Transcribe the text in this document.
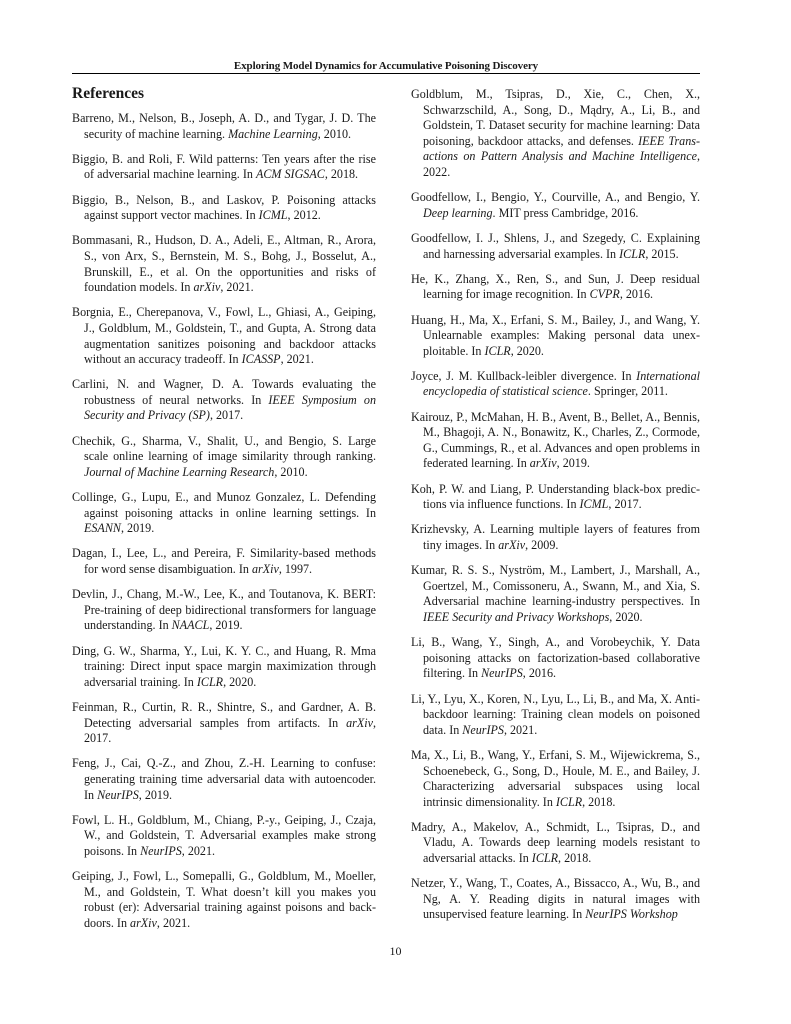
Exploring Model Dynamics for Accumulative Poisoning Discovery
References

Barreno, M., Nelson, B., Joseph, A. D., and Tygar, J. D. The security of machine learning. Machine Learning, 2010.

Biggio, B. and Roli, F. Wild patterns: Ten years after the rise of adversarial machine learning. In ACM SIGSAC, 2018.

Biggio, B., Nelson, B., and Laskov, P. Poisoning attacks against support vector machines. In ICML, 2012.

Bommasani, R., Hudson, D. A., Adeli, E., Altman, R., Arora, S., von Arx, S., Bernstein, M. S., Bohg, J., Bosselut, A., Brunskill, E., et al. On the opportunities and risks of foundation models. In arXiv, 2021.

Borgnia, E., Cherepanova, V., Fowl, L., Ghiasi, A., Geiping, J., Goldblum, M., Goldstein, T., and Gupta, A. Strong data augmentation sanitizes poisoning and backdoor attacks without an accuracy tradeoff. In ICASSP, 2021.

Carlini, N. and Wagner, D. A. Towards evaluating the robustness of neural networks. In IEEE Symposium on Security and Privacy (SP), 2017.

Chechik, G., Sharma, V., Shalit, U., and Bengio, S. Large scale online learning of image similarity through ranking. Journal of Machine Learning Research, 2010.

Collinge, G., Lupu, E., and Munoz Gonzalez, L. Defending against poisoning attacks in online learning settings. In ESANN, 2019.

Dagan, I., Lee, L., and Pereira, F. Similarity-based methods for word sense disambiguation. In arXiv, 1997.

Devlin, J., Chang, M.-W., Lee, K., and Toutanova, K. BERT: Pre-training of deep bidirectional transformers for language understanding. In NAACL, 2019.

Ding, G. W., Sharma, Y., Lui, K. Y. C., and Huang, R. Mma training: Direct input space margin maximization through adversarial training. In ICLR, 2020.

Feinman, R., Curtin, R. R., Shintre, S., and Gardner, A. B. Detecting adversarial samples from artifacts. In arXiv, 2017.

Feng, J., Cai, Q.-Z., and Zhou, Z.-H. Learning to confuse: generating training time adversarial data with autoencoder. In NeurIPS, 2019.

Fowl, L. H., Goldblum, M., Chiang, P.-y., Geiping, J., Czaja, W., and Goldstein, T. Adversarial examples make strong poisons. In NeurIPS, 2021.

Geiping, J., Fowl, L., Somepalli, G., Goldblum, M., Moeller, M., and Goldstein, T. What doesn’t kill you makes you robust (er): Adversarial training against poisons and backdoors. In arXiv, 2021.

Goldblum, M., Tsipras, D., Xie, C., Chen, X., Schwarzschild, A., Song, D., Mądry, A., Li, B., and Goldstein, T. Dataset security for machine learning: Data poisoning, backdoor attacks, and defenses. IEEE Transactions on Pattern Analysis and Machine Intelligence, 2022.

Goodfellow, I., Bengio, Y., Courville, A., and Bengio, Y. Deep learning. MIT press Cambridge, 2016.

Goodfellow, I. J., Shlens, J., and Szegedy, C. Explaining and harnessing adversarial examples. In ICLR, 2015.

He, K., Zhang, X., Ren, S., and Sun, J. Deep residual learning for image recognition. In CVPR, 2016.

Huang, H., Ma, X., Erfani, S. M., Bailey, J., and Wang, Y. Unlearnable examples: Making personal data unexploitable. In ICLR, 2020.

Joyce, J. M. Kullback-leibler divergence. In International encyclopedia of statistical science. Springer, 2011.

Kairouz, P., McMahan, H. B., Avent, B., Bellet, A., Bennis, M., Bhagoji, A. N., Bonawitz, K., Charles, Z., Cormode, G., Cummings, R., et al. Advances and open problems in federated learning. In arXiv, 2019.

Koh, P. W. and Liang, P. Understanding black-box predictions via influence functions. In ICML, 2017.

Krizhevsky, A. Learning multiple layers of features from tiny images. In arXiv, 2009.

Kumar, R. S. S., Nyström, M., Lambert, J., Marshall, A., Goertzel, M., Comissoneru, A., Swann, M., and Xia, S. Adversarial machine learning-industry perspectives. In IEEE Security and Privacy Workshops, 2020.

Li, B., Wang, Y., Singh, A., and Vorobeychik, Y. Data poisoning attacks on factorization-based collaborative filtering. In NeurIPS, 2016.

Li, Y., Lyu, X., Koren, N., Lyu, L., Li, B., and Ma, X. Anti-backdoor learning: Training clean models on poisoned data. In NeurIPS, 2021.

Ma, X., Li, B., Wang, Y., Erfani, S. M., Wijewickrema, S., Schoenebeck, G., Song, D., Houle, M. E., and Bailey, J. Characterizing adversarial subspaces using local intrinsic dimensionality. In ICLR, 2018.

Madry, A., Makelov, A., Schmidt, L., Tsipras, D., and Vladu, A. Towards deep learning models resistant to adversarial attacks. In ICLR, 2018.

Netzer, Y., Wang, T., Coates, A., Bissacco, A., Wu, B., and Ng, A. Y. Reading digits in natural images with unsupervised feature learning. In NeurIPS Workshop

10
